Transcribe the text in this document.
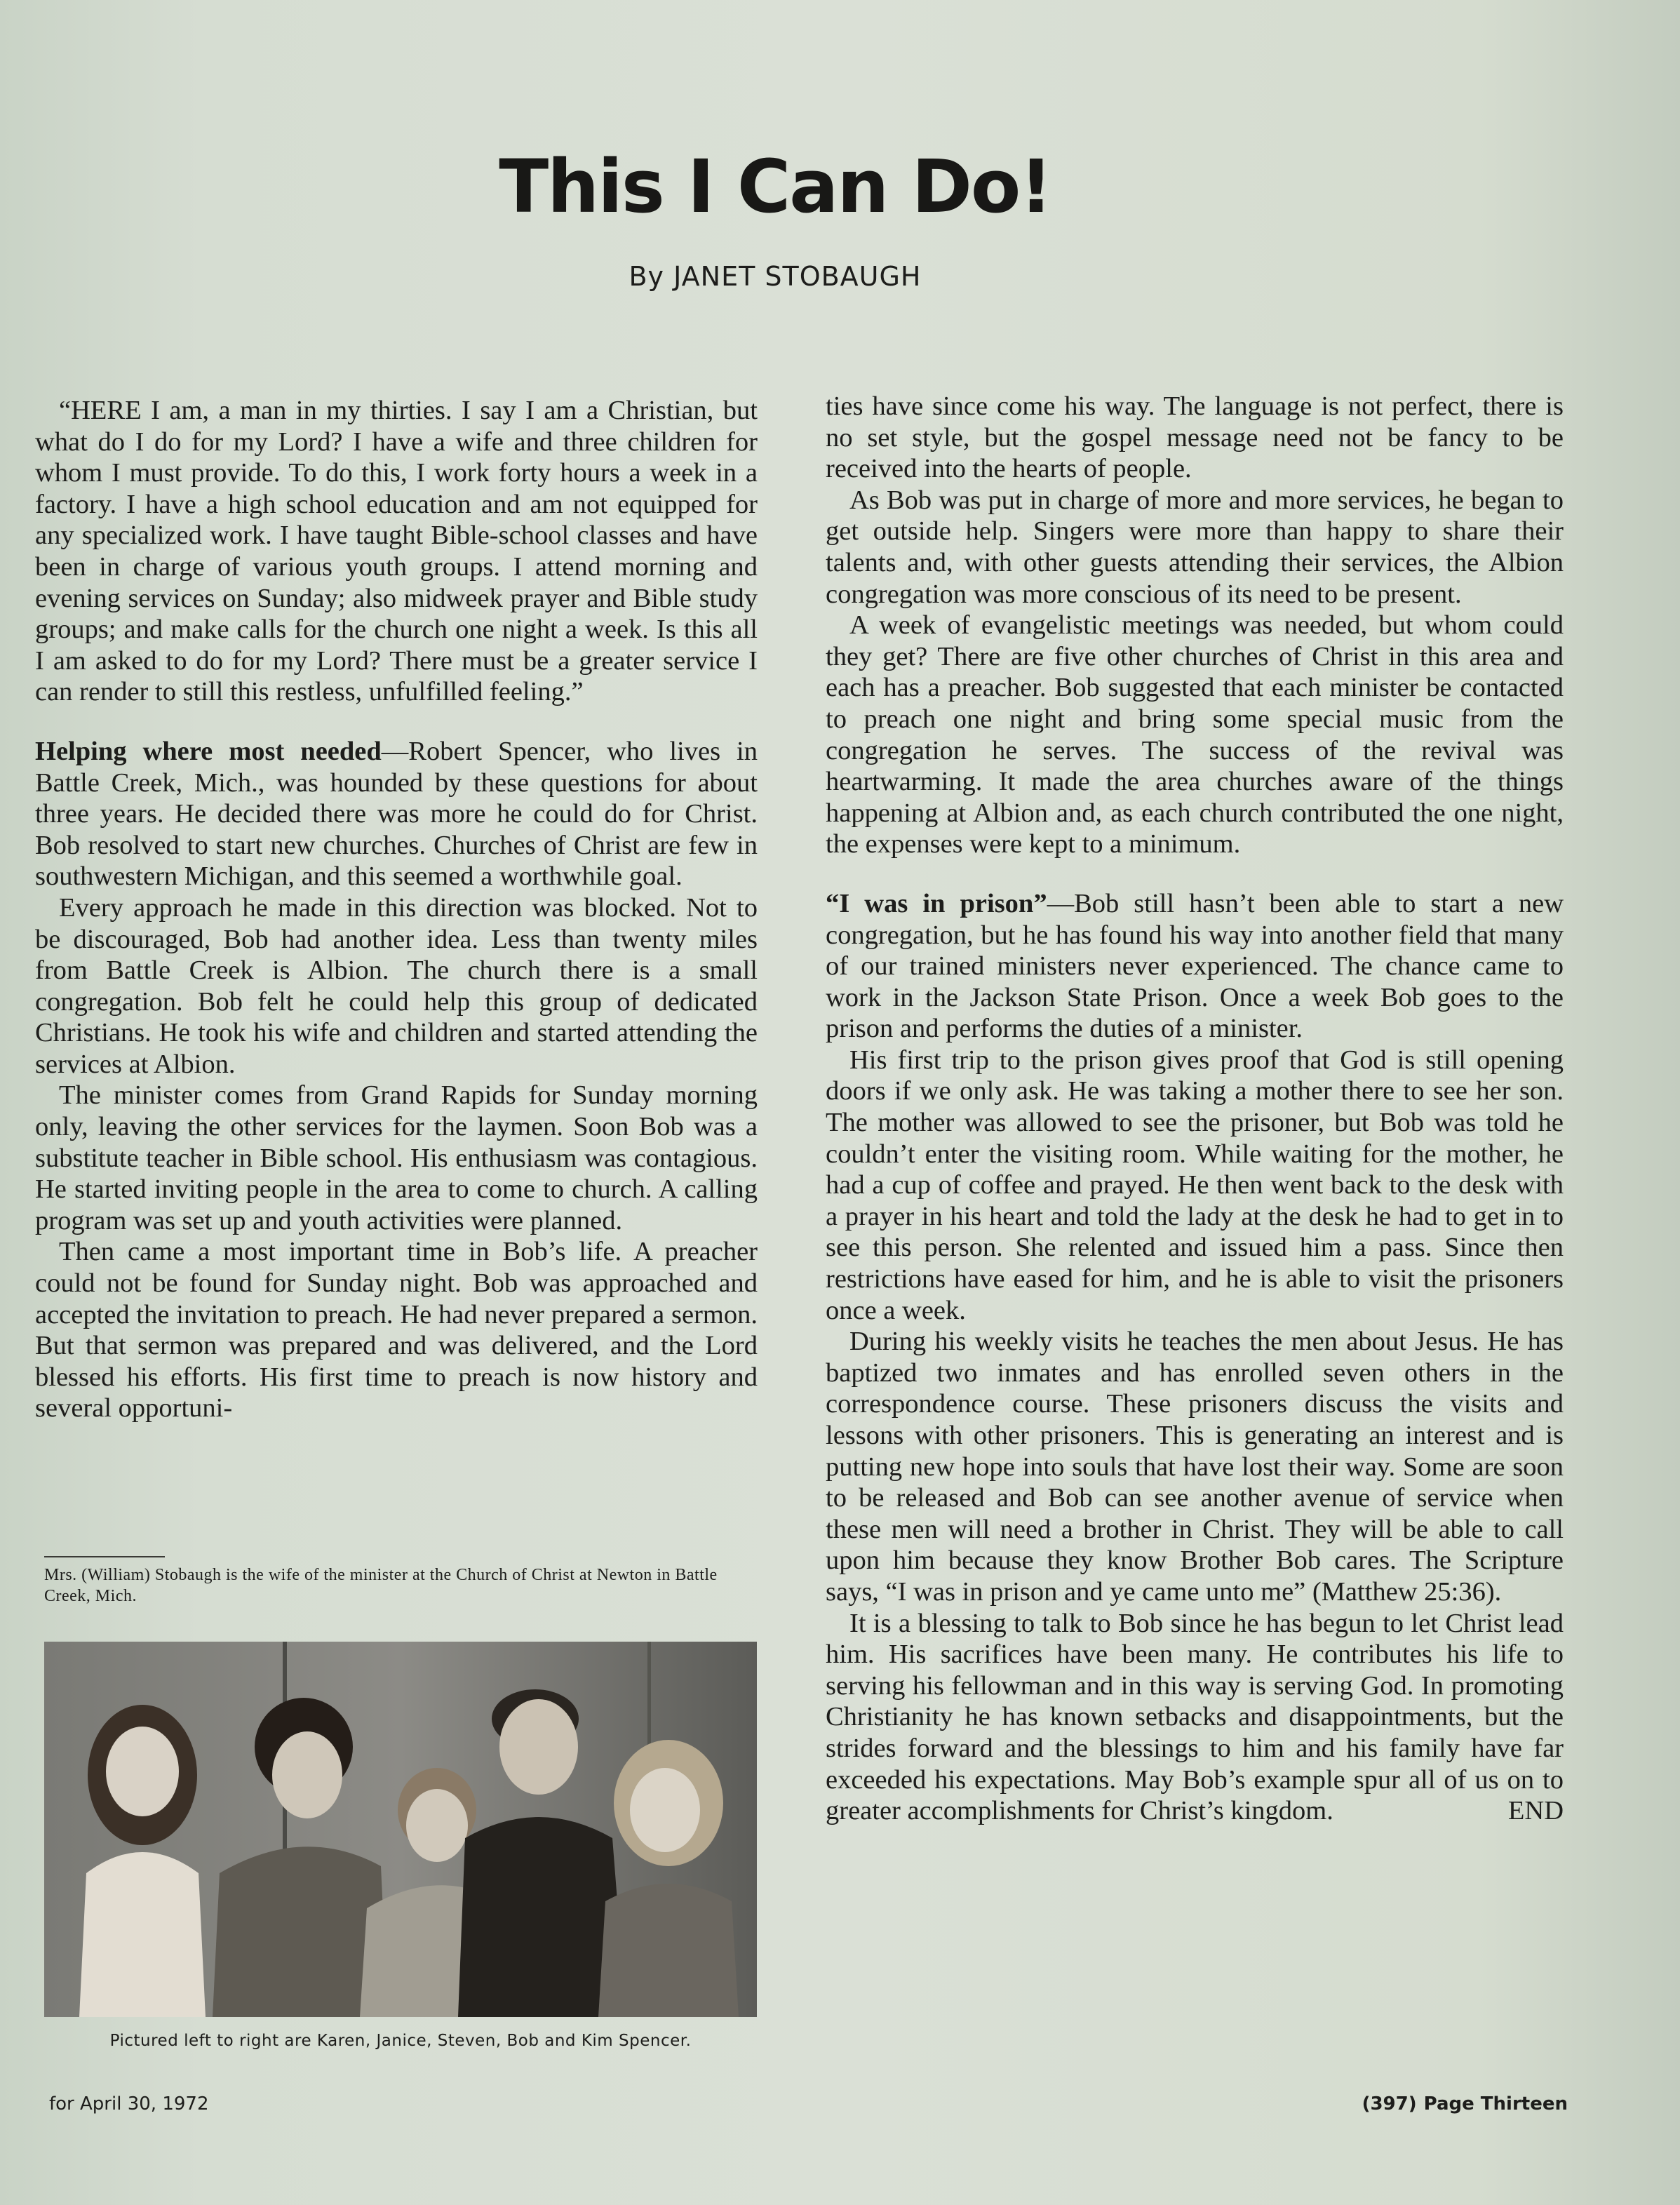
This I Can Do!
By JANET STOBAUGH

“HERE I am, a man in my thirties. I say I am a Christian, but what do I do for my Lord? I have a wife and three children for whom I must provide. To do this, I work forty hours a week in a factory. I have a high school education and am not equipped for any specialized work. I have taught Bible-school classes and have been in charge of various youth groups. I attend morning and evening services on Sunday; also midweek prayer and Bible study groups; and make calls for the church one night a week. Is this all I am asked to do for my Lord? There must be a greater service I can render to still this restless, unfulfilled feeling.”

Helping where most needed—Robert Spencer, who lives in Battle Creek, Mich., was hounded by these questions for about three years. He decided there was more he could do for Christ. Bob resolved to start new churches. Churches of Christ are few in southwestern Michigan, and this seemed a worthwhile goal.

Every approach he made in this direction was blocked. Not to be discouraged, Bob had another idea. Less than twenty miles from Battle Creek is Albion. The church there is a small congregation. Bob felt he could help this group of dedicated Christians. He took his wife and children and started attending the services at Albion.

The minister comes from Grand Rapids for Sunday morning only, leaving the other services for the laymen. Soon Bob was a substitute teacher in Bible school. His enthusiasm was contagious. He started inviting people in the area to come to church. A calling program was set up and youth activities were planned.

Then came a most important time in Bob’s life. A preacher could not be found for Sunday night. Bob was approached and accepted the invitation to preach. He had never prepared a sermon. But that sermon was prepared and was delivered, and the Lord blessed his efforts. His first time to preach is now history and several opportuni-

Mrs. (William) Stobaugh is the wife of the minister at the Church of Christ at Newton in Battle Creek, Mich.
Pictured left to right are Karen, Janice, Steven, Bob and Kim Spencer.

ties have since come his way. The language is not perfect, there is no set style, but the gospel message need not be fancy to be received into the hearts of people.

As Bob was put in charge of more and more services, he began to get outside help. Singers were more than happy to share their talents and, with other guests attending their services, the Albion congregation was more conscious of its need to be present.

A week of evangelistic meetings was needed, but whom could they get? There are five other churches of Christ in this area and each has a preacher. Bob suggested that each minister be contacted to preach one night and bring some special music from the congregation he serves. The success of the revival was heartwarming. It made the area churches aware of the things happening at Albion and, as each church contributed the one night, the expenses were kept to a minimum.

“I was in prison”—Bob still hasn’t been able to start a new congregation, but he has found his way into another field that many of our trained ministers never experienced. The chance came to work in the Jackson State Prison. Once a week Bob goes to the prison and performs the duties of a minister.

His first trip to the prison gives proof that God is still opening doors if we only ask. He was taking a mother there to see her son. The mother was allowed to see the prisoner, but Bob was told he couldn’t enter the visiting room. While waiting for the mother, he had a cup of coffee and prayed. He then went back to the desk with a prayer in his heart and told the lady at the desk he had to get in to see this person. She relented and issued him a pass. Since then restrictions have eased for him, and he is able to visit the prisoners once a week.

During his weekly visits he teaches the men about Jesus. He has baptized two inmates and has enrolled seven others in the correspondence course. These prisoners discuss the visits and lessons with other prisoners. This is generating an interest and is putting new hope into souls that have lost their way. Some are soon to be released and Bob can see another avenue of service when these men will need a brother in Christ. They will be able to call upon him because they know Brother Bob cares. The Scripture says, “I was in prison and ye came unto me” (Matthew 25:36).

It is a blessing to talk to Bob since he has begun to let Christ lead him. His sacrifices have been many. He contributes his life to serving his fellowman and in this way is serving God. In promoting Christianity he has known setbacks and disappointments, but the strides forward and the blessings to him and his family have far exceeded his expectations. May Bob’s example spur all of us on to greater accomplishments for Christ’s kingdom.	END

for April 30, 1972	(397) Page Thirteen
